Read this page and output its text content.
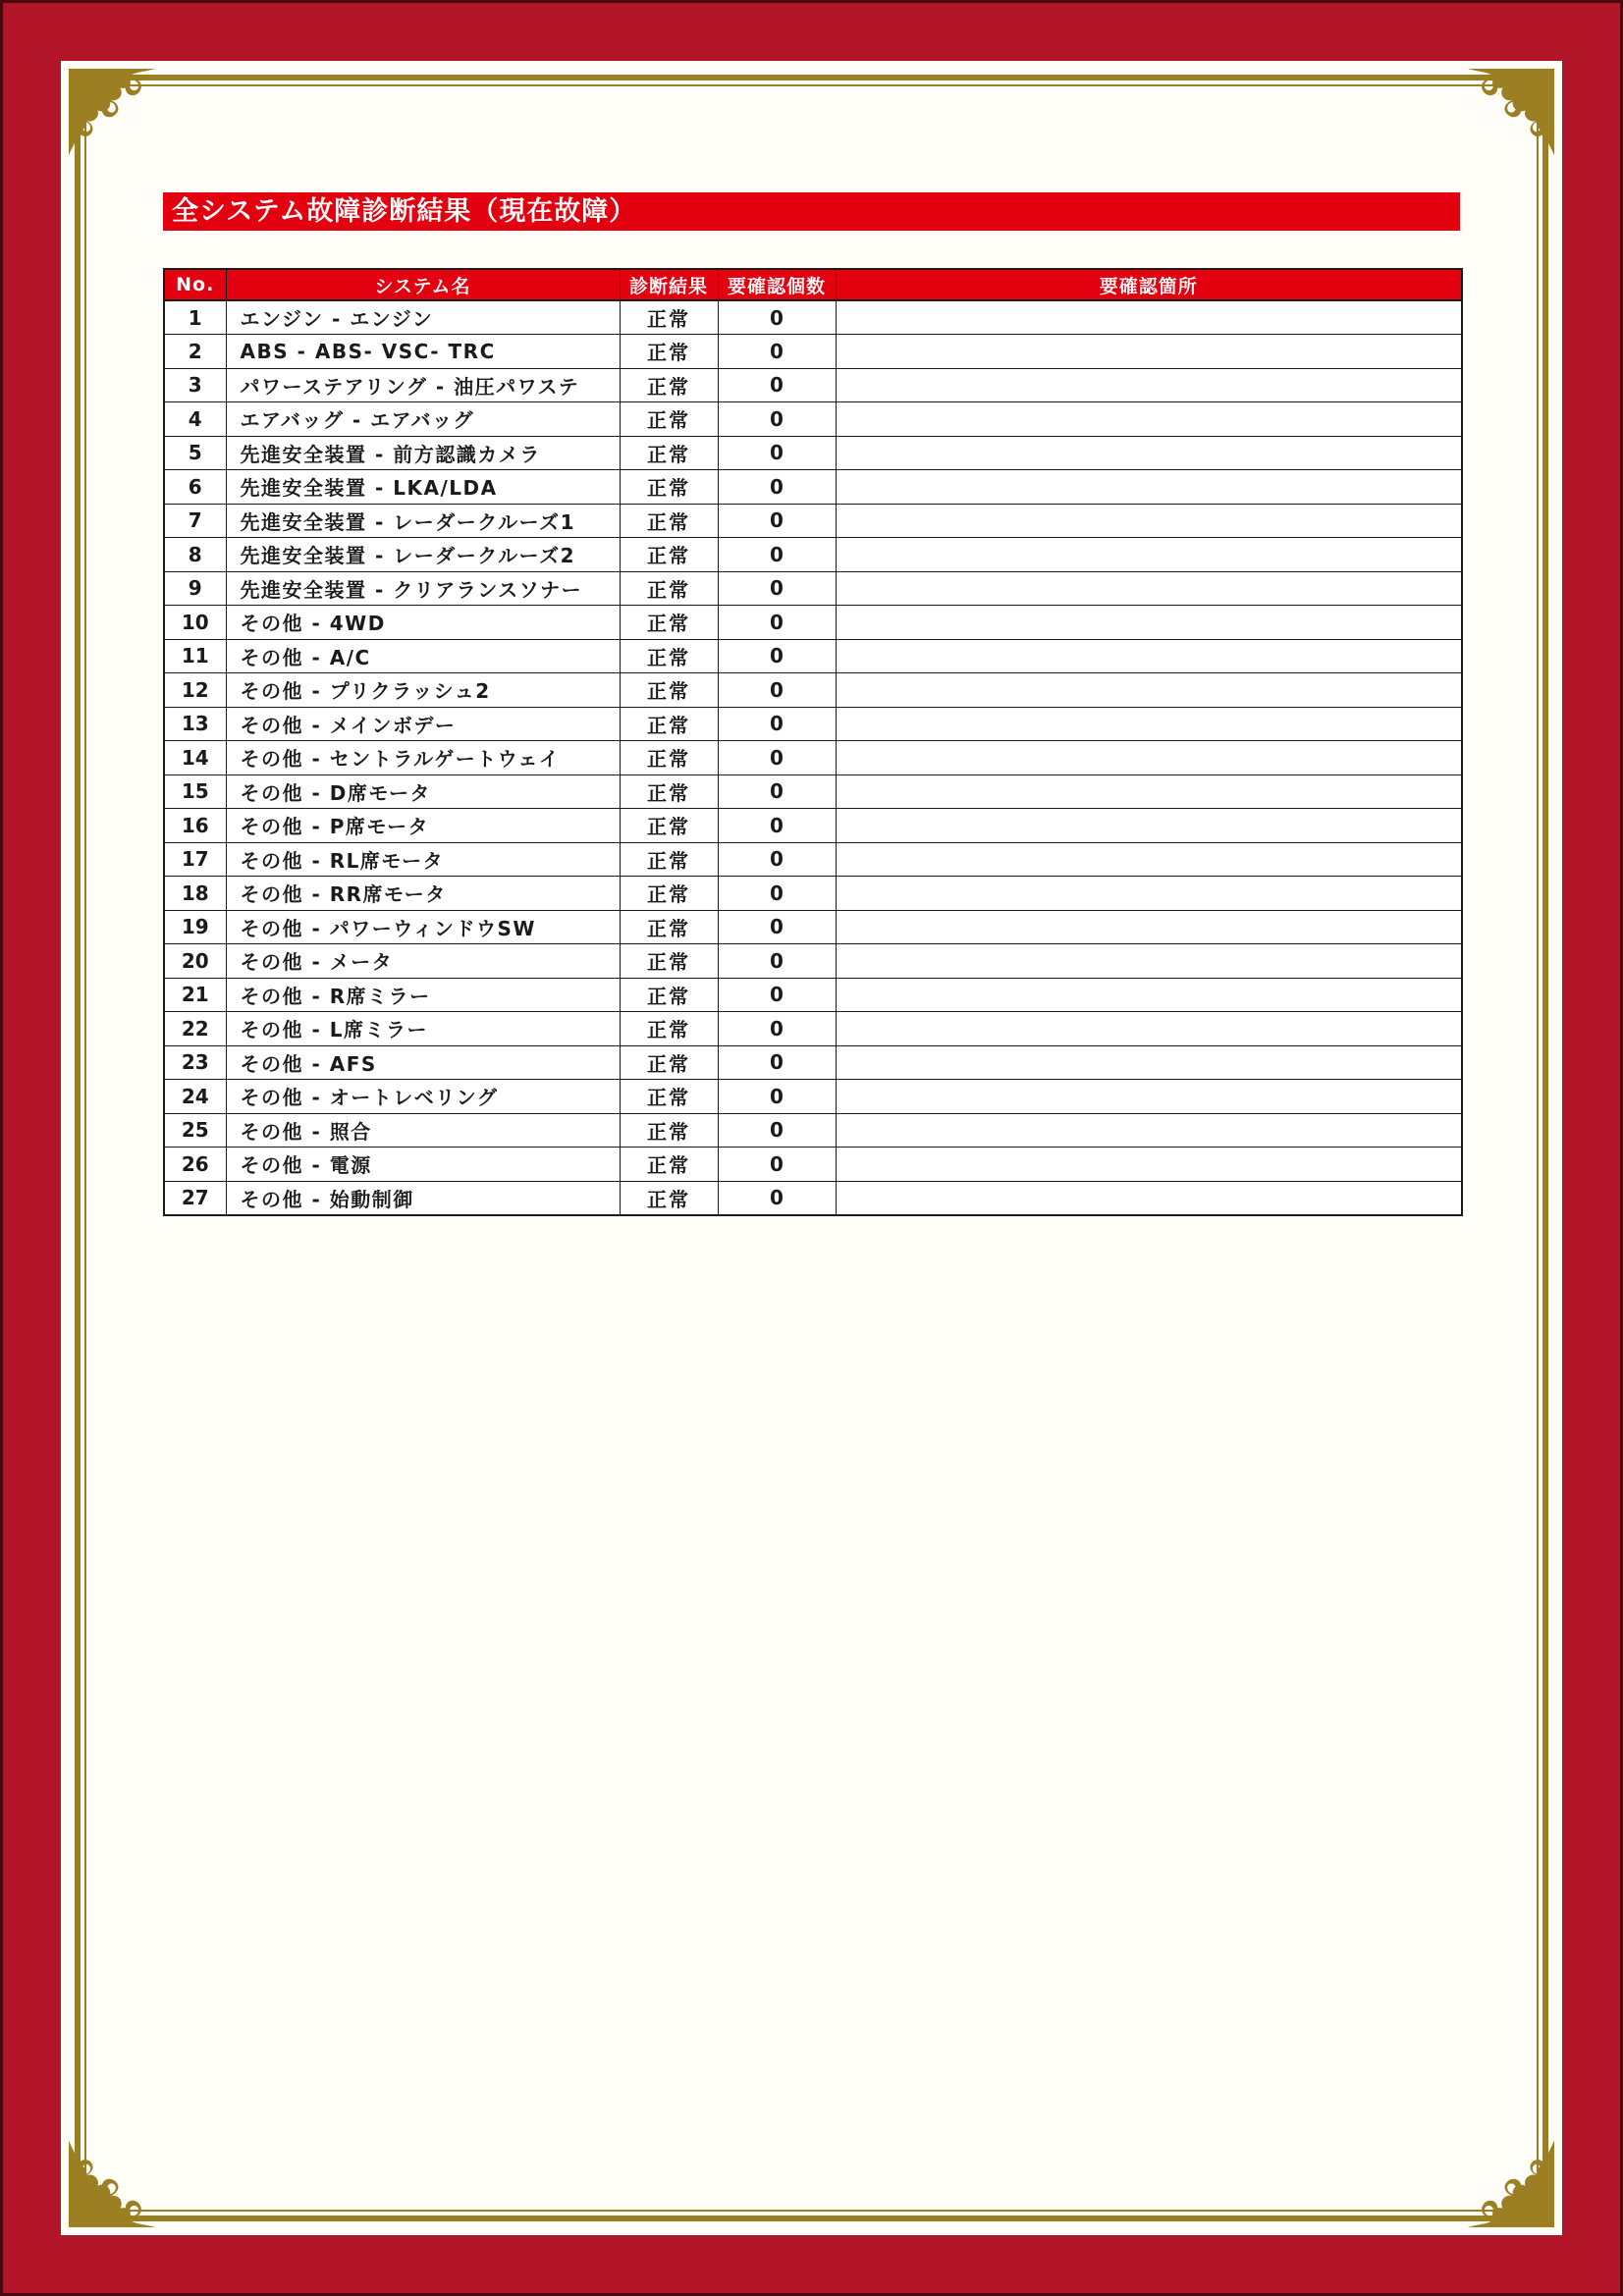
全システム故障診断結果（現在故障）
No.	システム名	診断結果	要確認個数	要確認箇所
1	エンジン - エンジン	正常	0	
2	ABS - ABS- VSC- TRC	正常	0	
3	パワーステアリング - 油圧パワステ	正常	0	
4	エアバッグ - エアバッグ	正常	0	
5	先進安全装置 - 前方認識カメラ	正常	0	
6	先進安全装置 - LKA/LDA	正常	0	
7	先進安全装置 - レーダークルーズ1	正常	0	
8	先進安全装置 - レーダークルーズ2	正常	0	
9	先進安全装置 - クリアランスソナー	正常	0	
10	その他 - 4WD	正常	0	
11	その他 - A/C	正常	0	
12	その他 - プリクラッシュ2	正常	0	
13	その他 - メインボデー	正常	0	
14	その他 - セントラルゲートウェイ	正常	0	
15	その他 - D席モータ	正常	0	
16	その他 - P席モータ	正常	0	
17	その他 - RL席モータ	正常	0	
18	その他 - RR席モータ	正常	0	
19	その他 - パワーウィンドウSW	正常	0	
20	その他 - メータ	正常	0	
21	その他 - R席ミラー	正常	0	
22	その他 - L席ミラー	正常	0	
23	その他 - AFS	正常	0	
24	その他 - オートレベリング	正常	0	
25	その他 - 照合	正常	0	
26	その他 - 電源	正常	0	
27	その他 - 始動制御	正常	0	
